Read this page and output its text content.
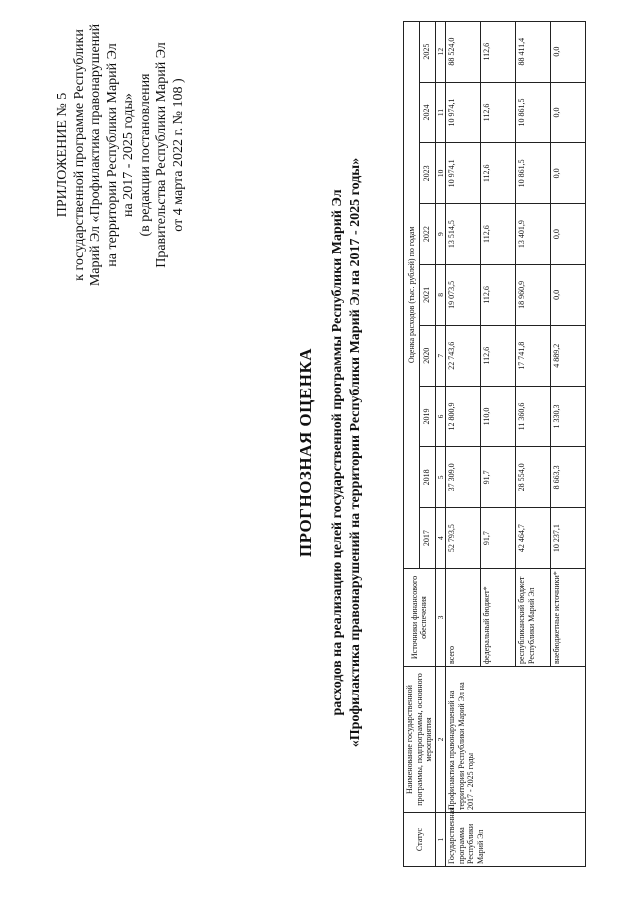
ПРИЛОЖЕНИЕ № 5 к государственной программе Республики Марий Эл «Профилактика правонарушений на территории Республики Марий Эл на 2017 - 2025 годы» (в редакции постановления Правительства Республики Марий Эл от 4 марта 2022 г. № 108 )
ПРОГНОЗНАЯ ОЦЕНКА расходов на реализацию целей государственной программы Республики Марий Эл «Профилактика правонарушений на территории Республики Марий Эл на 2017 - 2025 годы»
Статус	Наименование государственной программы, подпрограммы, основного мероприятия	Источники финансового обеспечения	Оценка расходов (тыс. рублей) по годам								
			2017	2018	2019	2020	2021	2022	2023	2024	2025
1	2	3	4	5	6	7	8	9	10	11	12
Государственная программа Республики Марий Эл	Профилактика правонарушений на территории Республики Марий Эл на 2017 - 2025 годы	всего	52 793,5	37 309,0	12 800,9	22 743,6	19 073,5	13 514,5	10 974,1	10 974,1	88 524,0
		федеральный бюджет*	91,7	91,7	110,0	112,6	112,6	112,6	112,6	112,6	112,6
		республиканский бюджет Республики Марий Эл	42 464,7	28 554,0	11 360,6	17 741,8	18 960,9	13 401,9	10 861,5	10 861,5	88 411,4
		внебюджетные источники*	10 237,1	8 663,3	1 330,3	4 889,2	0,0	0,0	0,0	0,0	0,0
